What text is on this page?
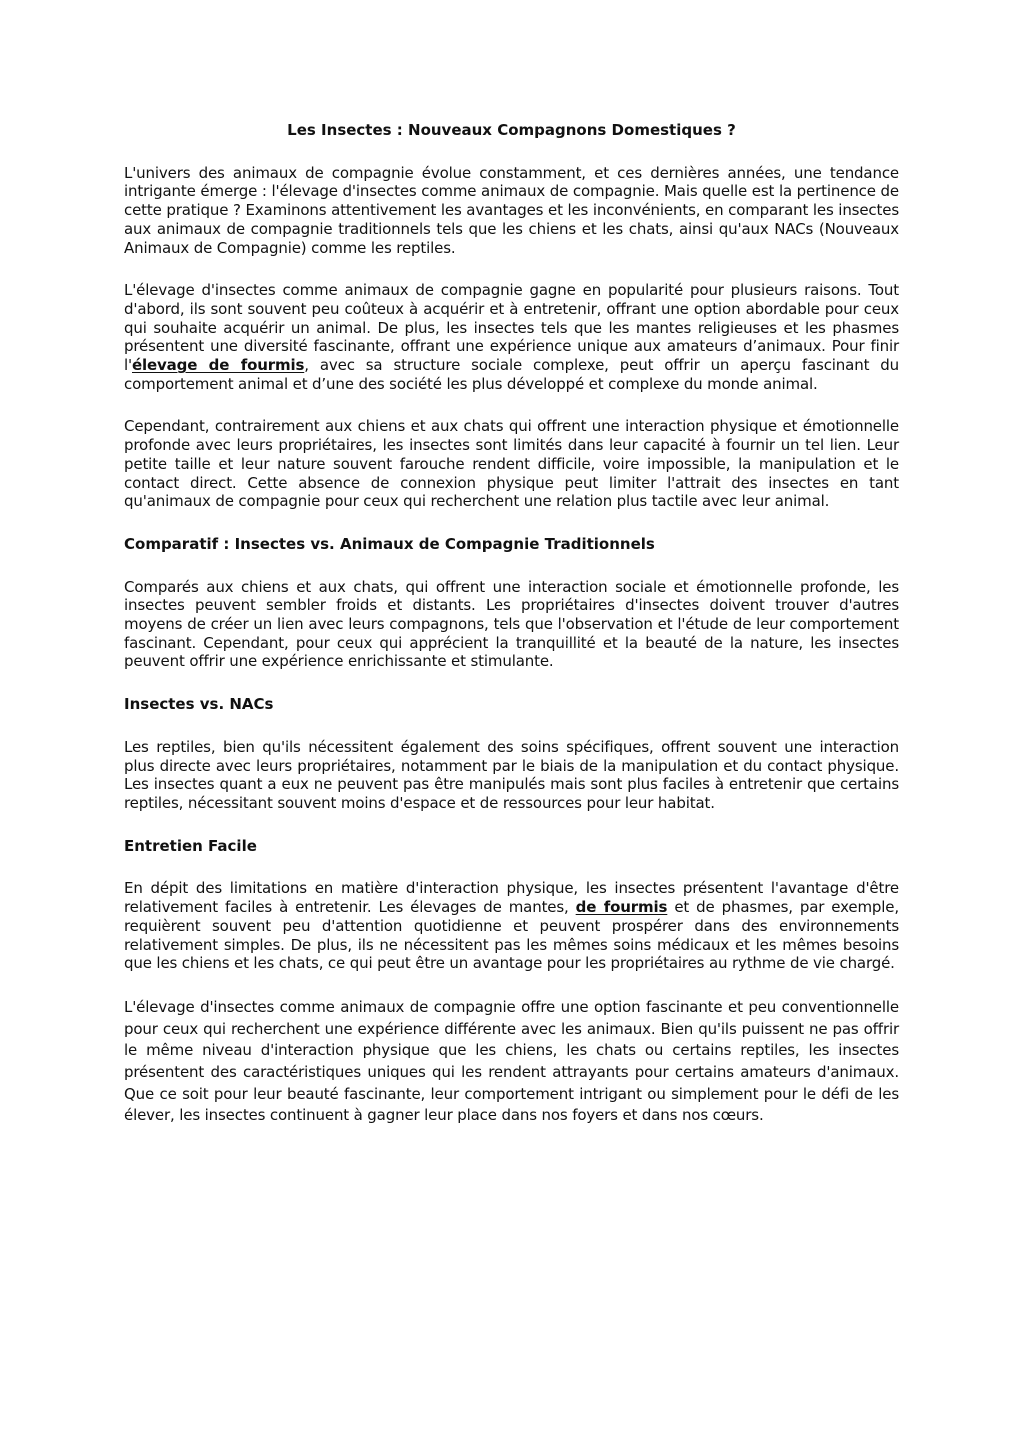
Les Insectes : Nouveaux Compagnons Domestiques ?

L'univers des animaux de compagnie évolue constamment, et ces dernières années, une tendance intrigante émerge : l'élevage d'insectes comme animaux de compagnie. Mais quelle est la pertinence de cette pratique ? Examinons attentivement les avantages et les inconvénients, en comparant les insectes aux animaux de compagnie traditionnels tels que les chiens et les chats, ainsi qu'aux NACs (Nouveaux Animaux de Compagnie) comme les reptiles.

L'élevage d'insectes comme animaux de compagnie gagne en popularité pour plusieurs raisons. Tout d'abord, ils sont souvent peu coûteux à acquérir et à entretenir, offrant une option abordable pour ceux qui souhaite acquérir un animal. De plus, les insectes tels que les mantes religieuses et les phasmes présentent une diversité fascinante, offrant une expérience unique aux amateurs d’animaux. Pour finir l'élevage de fourmis, avec sa structure sociale complexe, peut offrir un aperçu fascinant du comportement animal et d’une des société les plus développé et complexe du monde animal.

Cependant, contrairement aux chiens et aux chats qui offrent une interaction physique et émotionnelle profonde avec leurs propriétaires, les insectes sont limités dans leur capacité à fournir un tel lien. Leur petite taille et leur nature souvent farouche rendent difficile, voire impossible, la manipulation et le contact direct. Cette absence de connexion physique peut limiter l'attrait des insectes en tant qu'animaux de compagnie pour ceux qui recherchent une relation plus tactile avec leur animal.

Comparatif : Insectes vs. Animaux de Compagnie Traditionnels

Comparés aux chiens et aux chats, qui offrent une interaction sociale et émotionnelle profonde, les insectes peuvent sembler froids et distants. Les propriétaires d'insectes doivent trouver d'autres moyens de créer un lien avec leurs compagnons, tels que l'observation et l'étude de leur comportement fascinant. Cependant, pour ceux qui apprécient la tranquillité et la beauté de la nature, les insectes peuvent offrir une expérience enrichissante et stimulante.

Insectes vs. NACs

Les reptiles, bien qu'ils nécessitent également des soins spécifiques, offrent souvent une interaction plus directe avec leurs propriétaires, notamment par le biais de la manipulation et du contact physique. Les insectes quant a eux ne peuvent pas être manipulés mais sont plus faciles à entretenir que certains reptiles, nécessitant souvent moins d'espace et de ressources pour leur habitat.

Entretien Facile

En dépit des limitations en matière d'interaction physique, les insectes présentent l'avantage d'être relativement faciles à entretenir. Les élevages de mantes, de fourmis et de phasmes, par exemple, requièrent souvent peu d'attention quotidienne et peuvent prospérer dans des environnements relativement simples. De plus, ils ne nécessitent pas les mêmes soins médicaux et les mêmes besoins que les chiens et les chats, ce qui peut être un avantage pour les propriétaires au rythme de vie chargé.

L'élevage d'insectes comme animaux de compagnie offre une option fascinante et peu conventionnelle pour ceux qui recherchent une expérience différente avec les animaux. Bien qu'ils puissent ne pas offrir le même niveau d'interaction physique que les chiens, les chats ou certains reptiles, les insectes présentent des caractéristiques uniques qui les rendent attrayants pour certains amateurs d'animaux. Que ce soit pour leur beauté fascinante, leur comportement intrigant ou simplement pour le défi de les élever, les insectes continuent à gagner leur place dans nos foyers et dans nos cœurs.
